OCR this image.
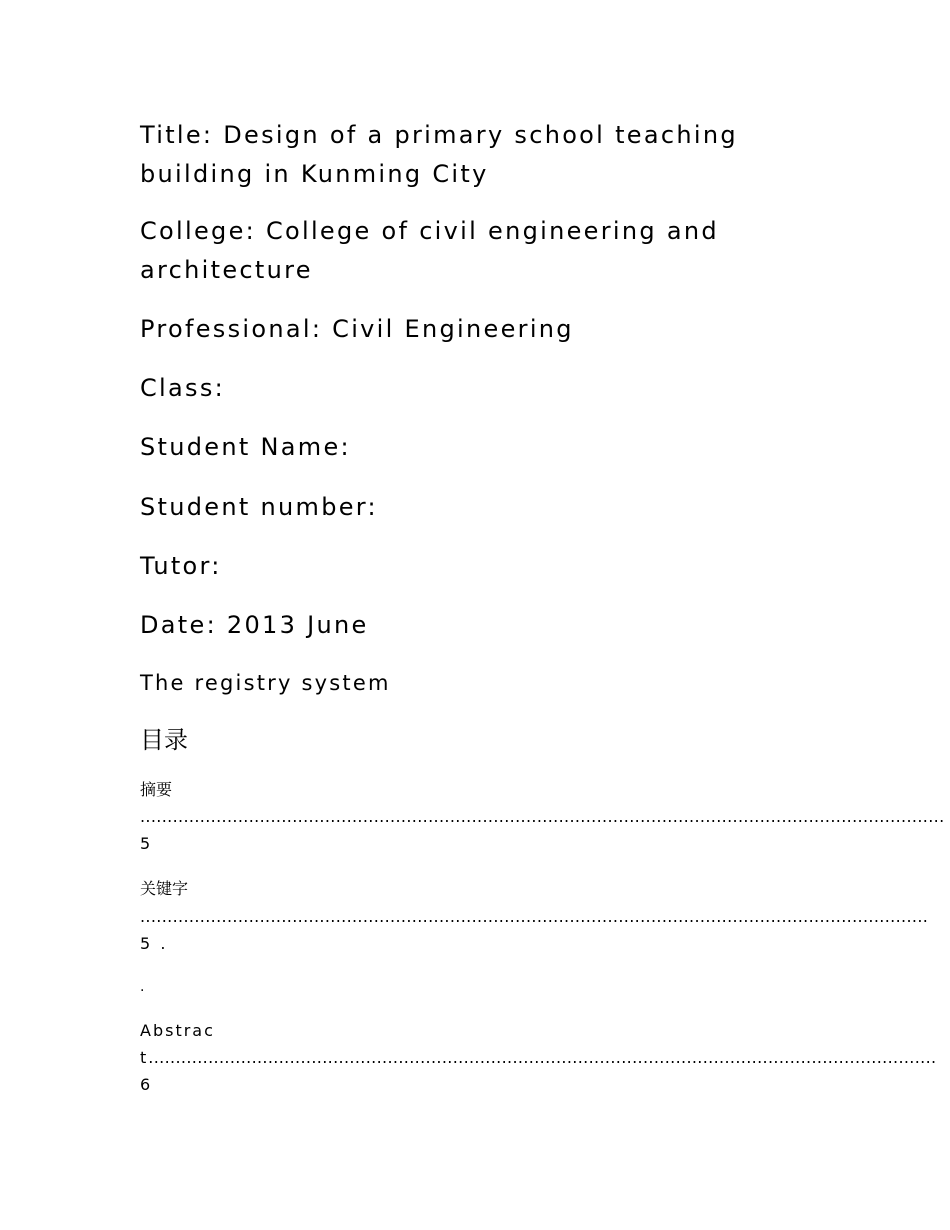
Title: Design of a primary school teaching building in Kunming City

College: College of civil engineering and architecture

Professional: Civil Engineering

Class:

Student Name:

Student number:

Tutor:

Date: 2013 June

The registry system

目录

摘要
....................................................................................................................................................5
关键字
.................................................................................................................................................5 .
.
Abstract.................................................................................................................................................6
